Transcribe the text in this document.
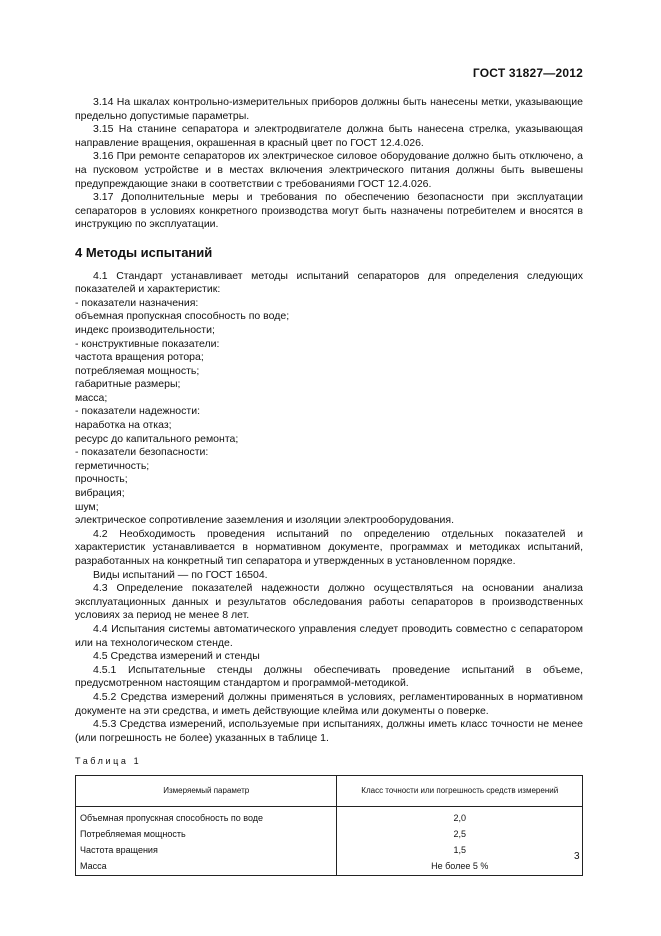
ГОСТ 31827—2012

3.14 На шкалах контрольно-измерительных приборов должны быть нанесены метки, указывающие предельно допустимые параметры.

3.15 На станине сепаратора и электродвигателе должна быть нанесена стрелка, указывающая направление вращения, окрашенная в красный цвет по ГОСТ 12.4.026.

3.16 При ремонте сепараторов их электрическое силовое оборудование должно быть отключено, а на пусковом устройстве и в местах включения электрического питания должны быть вывешены предупреждающие знаки в соответствии с требованиями ГОСТ 12.4.026.

3.17 Дополнительные меры и требования по обеспечению безопасности при эксплуатации сепараторов в условиях конкретного производства могут быть назначены потребителем и вносятся в инструкцию по эксплуатации.

4 Методы испытаний

4.1 Стандарт устанавливает методы испытаний сепараторов для определения следующих показателей и характеристик:

- показатели назначения:

объемная пропускная способность по воде;

индекс производительности;

- конструктивные показатели:

частота вращения ротора;

потребляемая мощность;

габаритные размеры;

масса;

- показатели надежности:

наработка на отказ;

ресурс до капитального ремонта;

- показатели безопасности:

герметичность;

прочность;

вибрация;

шум;

электрическое сопротивление заземления и изоляции электрооборудования.

4.2 Необходимость проведения испытаний по определению отдельных показателей и характеристик устанавливается в нормативном документе, программах и методиках испытаний, разработанных на конкретный тип сепаратора и утвержденных в установленном порядке.

Виды испытаний — по ГОСТ 16504.

4.3 Определение показателей надежности должно осуществляться на основании анализа эксплуатационных данных и результатов обследования работы сепараторов в производственных условиях за период не менее 8 лет.

4.4 Испытания системы автоматического управления следует проводить совместно с сепаратором или на технологическом стенде.

4.5 Средства измерений и стенды

4.5.1 Испытательные стенды должны обеспечивать проведение испытаний в объеме, предусмотренном настоящим стандартом и программой-методикой.

4.5.2 Средства измерений должны применяться в условиях, регламентированных в нормативном документе на эти средства, и иметь действующие клейма или документы о поверке.

4.5.3 Средства измерений, используемые при испытаниях, должны иметь класс точности не менее (или погрешность не более) указанных в таблице 1.

Таблица 1
Измеряемый параметр	Класс точности или погрешность средств измерений
Объемная пропускная способность по воде	2,0
Потребляемая мощность	2,5
Частота вращения	1,5
Масса	Не более 5 %
3
